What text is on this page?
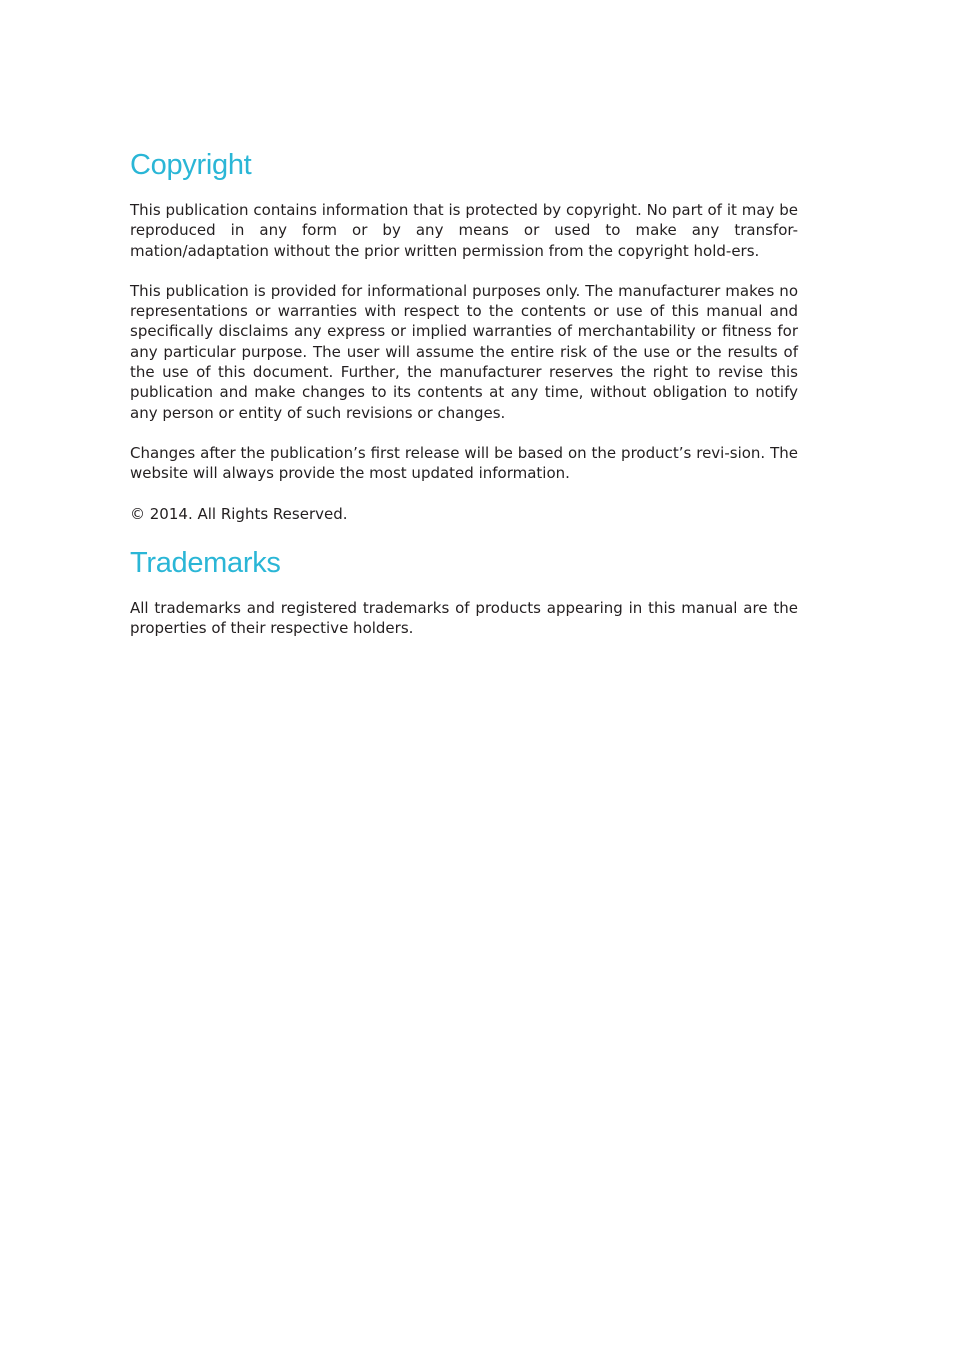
Copyright

This publication contains information that is protected by copyright. No part of it may be reproduced in any form or by any means or used to make any transfor-mation/adaptation without the prior written permission from the copyright hold-ers.

This publication is provided for informational purposes only. The manufacturer makes no representations or warranties with respect to the contents or use of this manual and specifically disclaims any express or implied warranties of merchantability or fitness for any particular purpose. The user will assume the entire risk of the use or the results of the use of this document. Further, the manufacturer reserves the right to revise this publication and make changes to its contents at any time, without obligation to notify any person or entity of such revisions or changes.

Changes after the publication’s first release will be based on the product’s revi-sion. The website will always provide the most updated information.

© 2014. All Rights Reserved.

Trademarks

All trademarks and registered trademarks of products appearing in this manual are the properties of their respective holders.
